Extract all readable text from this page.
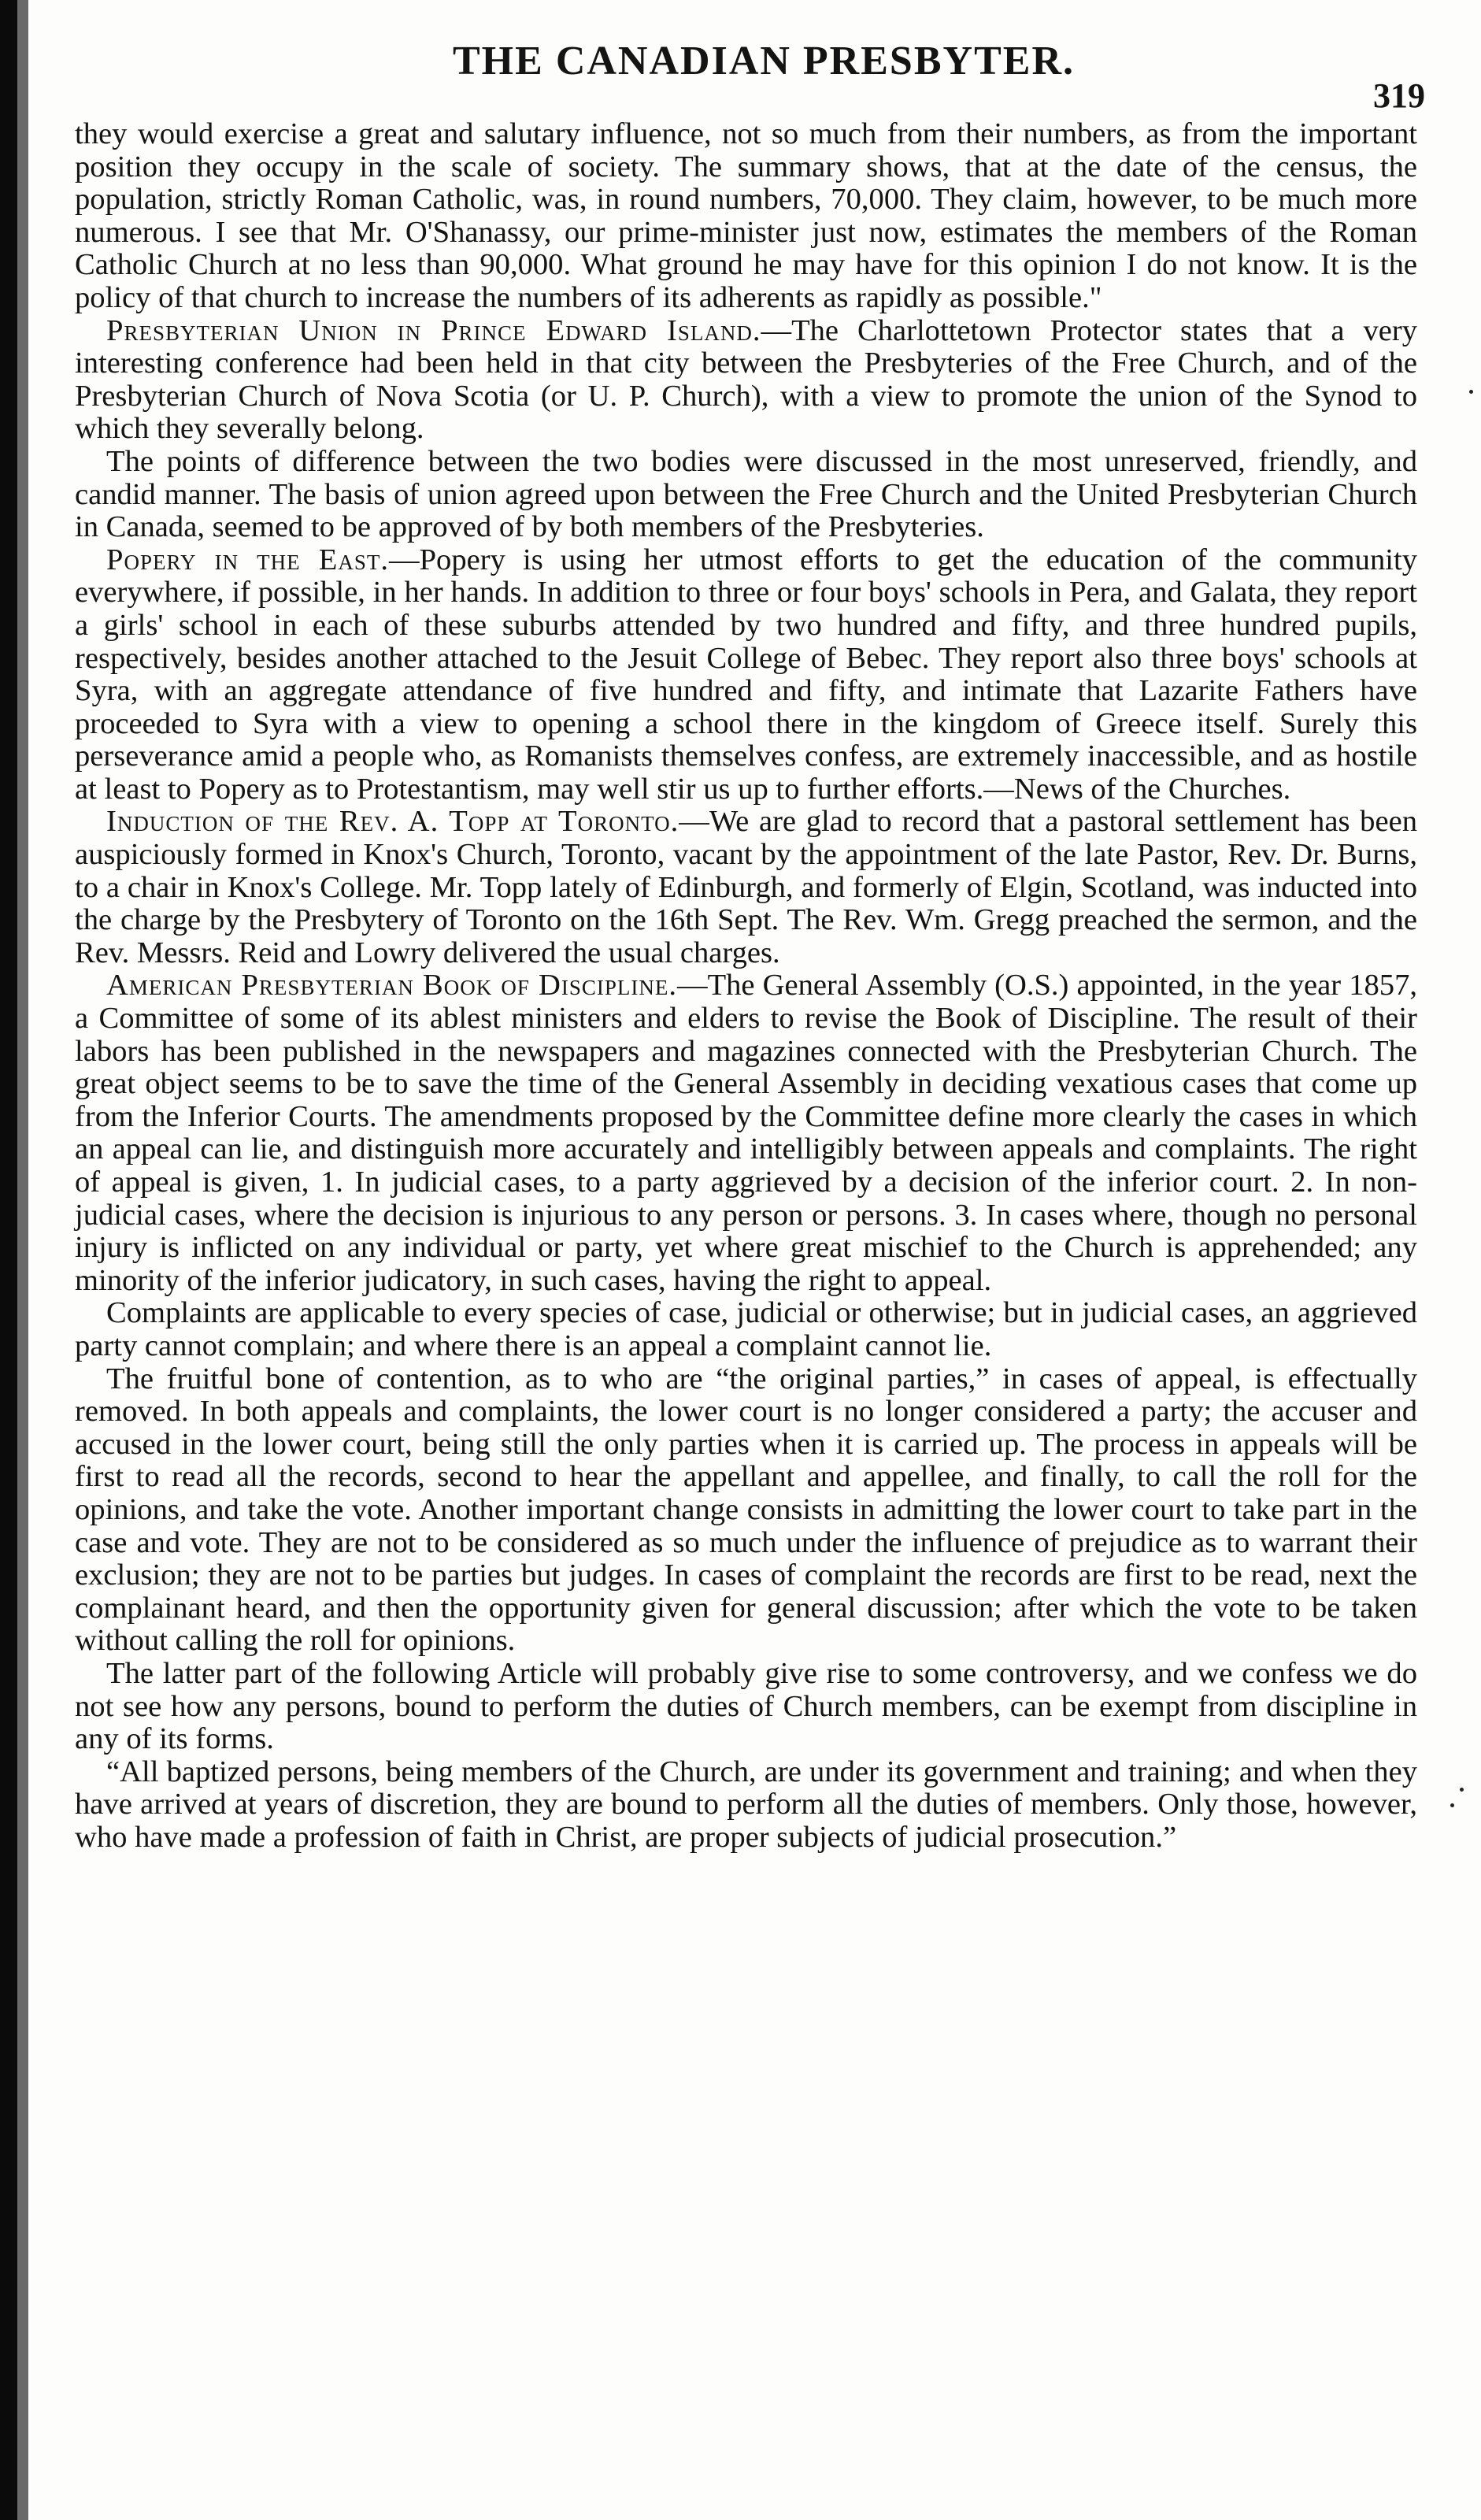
THE CANADIAN PRESBYTER.
319

they would exercise a great and salutary influence, not so much from their numbers, as from the important position they occupy in the scale of society. The summary shows, that at the date of the census, the population, strictly Roman Catholic, was, in round numbers, 70,000. They claim, however, to be much more numerous. I see that Mr. O'Shanassy, our prime-minister just now, estimates the members of the Roman Catholic Church at no less than 90,000. What ground he may have for this opinion I do not know. It is the policy of that church to increase the numbers of its adherents as rapidly as possible."

Presbyterian Union in Prince Edward Island.—The Charlottetown Protector states that a very interesting conference had been held in that city between the Presbyteries of the Free Church, and of the Presbyterian Church of Nova Scotia (or U. P. Church), with a view to promote the union of the Synod to which they severally belong.

The points of difference between the two bodies were discussed in the most unreserved, friendly, and candid manner. The basis of union agreed upon between the Free Church and the United Presbyterian Church in Canada, seemed to be approved of by both members of the Presbyteries.

Popery in the East.—Popery is using her utmost efforts to get the education of the community everywhere, if possible, in her hands. In addition to three or four boys' schools in Pera, and Galata, they report a girls' school in each of these suburbs attended by two hundred and fifty, and three hundred pupils, respectively, besides another attached to the Jesuit College of Bebec. They report also three boys' schools at Syra, with an aggregate attendance of five hundred and fifty, and intimate that Lazarite Fathers have proceeded to Syra with a view to opening a school there in the kingdom of Greece itself. Surely this perseverance amid a people who, as Romanists themselves confess, are extremely inaccessible, and as hostile at least to Popery as to Protestantism, may well stir us up to further efforts.—News of the Churches.

Induction of the Rev. A. Topp at Toronto.—We are glad to record that a pastoral settlement has been auspiciously formed in Knox's Church, Toronto, vacant by the appointment of the late Pastor, Rev. Dr. Burns, to a chair in Knox's College. Mr. Topp lately of Edinburgh, and formerly of Elgin, Scotland, was inducted into the charge by the Presbytery of Toronto on the 16th Sept. The Rev. Wm. Gregg preached the sermon, and the Rev. Messrs. Reid and Lowry delivered the usual charges.

American Presbyterian Book of Discipline.—The General Assembly (O.S.) appointed, in the year 1857, a Committee of some of its ablest ministers and elders to revise the Book of Discipline. The result of their labors has been published in the newspapers and magazines connected with the Presbyterian Church. The great object seems to be to save the time of the General Assembly in deciding vexatious cases that come up from the Inferior Courts. The amendments proposed by the Committee define more clearly the cases in which an appeal can lie, and distinguish more accurately and intelligibly between appeals and complaints. The right of appeal is given, 1. In judicial cases, to a party aggrieved by a decision of the inferior court. 2. In non-judicial cases, where the decision is injurious to any person or persons. 3. In cases where, though no personal injury is inflicted on any individual or party, yet where great mischief to the Church is apprehended; any minority of the inferior judicatory, in such cases, having the right to appeal.

Complaints are applicable to every species of case, judicial or otherwise; but in judicial cases, an aggrieved party cannot complain; and where there is an appeal a complaint cannot lie.

The fruitful bone of contention, as to who are “the original parties,” in cases of appeal, is effectually removed. In both appeals and complaints, the lower court is no longer considered a party; the accuser and accused in the lower court, being still the only parties when it is carried up. The process in appeals will be first to read all the records, second to hear the appellant and appellee, and finally, to call the roll for the opinions, and take the vote. Another important change consists in admitting the lower court to take part in the case and vote. They are not to be considered as so much under the influence of prejudice as to warrant their exclusion; they are not to be parties but judges. In cases of complaint the records are first to be read, next the complainant heard, and then the opportunity given for general discussion; after which the vote to be taken without calling the roll for opinions.

The latter part of the following Article will probably give rise to some controversy, and we confess we do not see how any persons, bound to perform the duties of Church members, can be exempt from discipline in any of its forms.

“All baptized persons, being members of the Church, are under its government and training; and when they have arrived at years of discretion, they are bound to perform all the duties of members. Only those, however, who have made a profession of faith in Christ, are proper subjects of judicial prosecution.”
